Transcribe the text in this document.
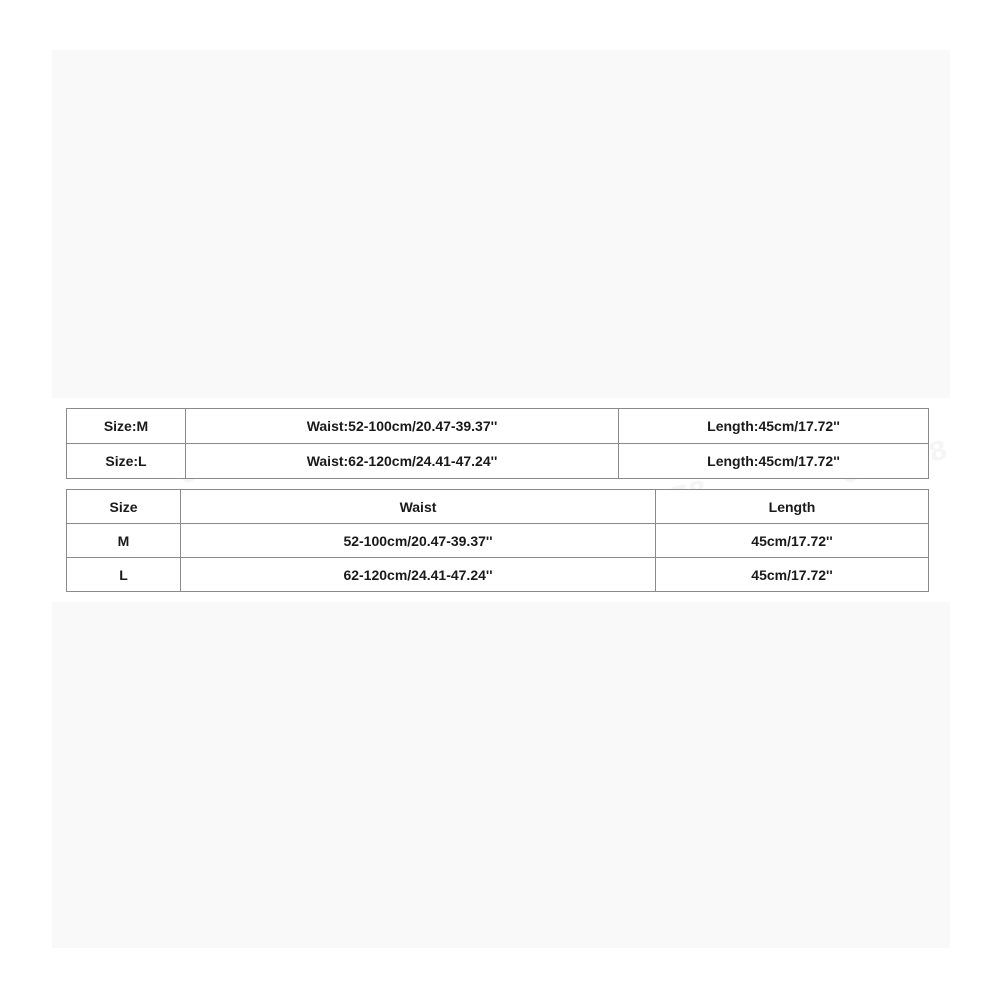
Size:M	Waist:52-100cm/20.47-39.37''	Length:45cm/17.72''
Size:L	Waist:62-120cm/24.41-47.24''	Length:45cm/17.72''
Size	Waist	Length
M	52-100cm/20.47-39.37''	45cm/17.72''
L	62-120cm/24.41-47.24''	45cm/17.72''
